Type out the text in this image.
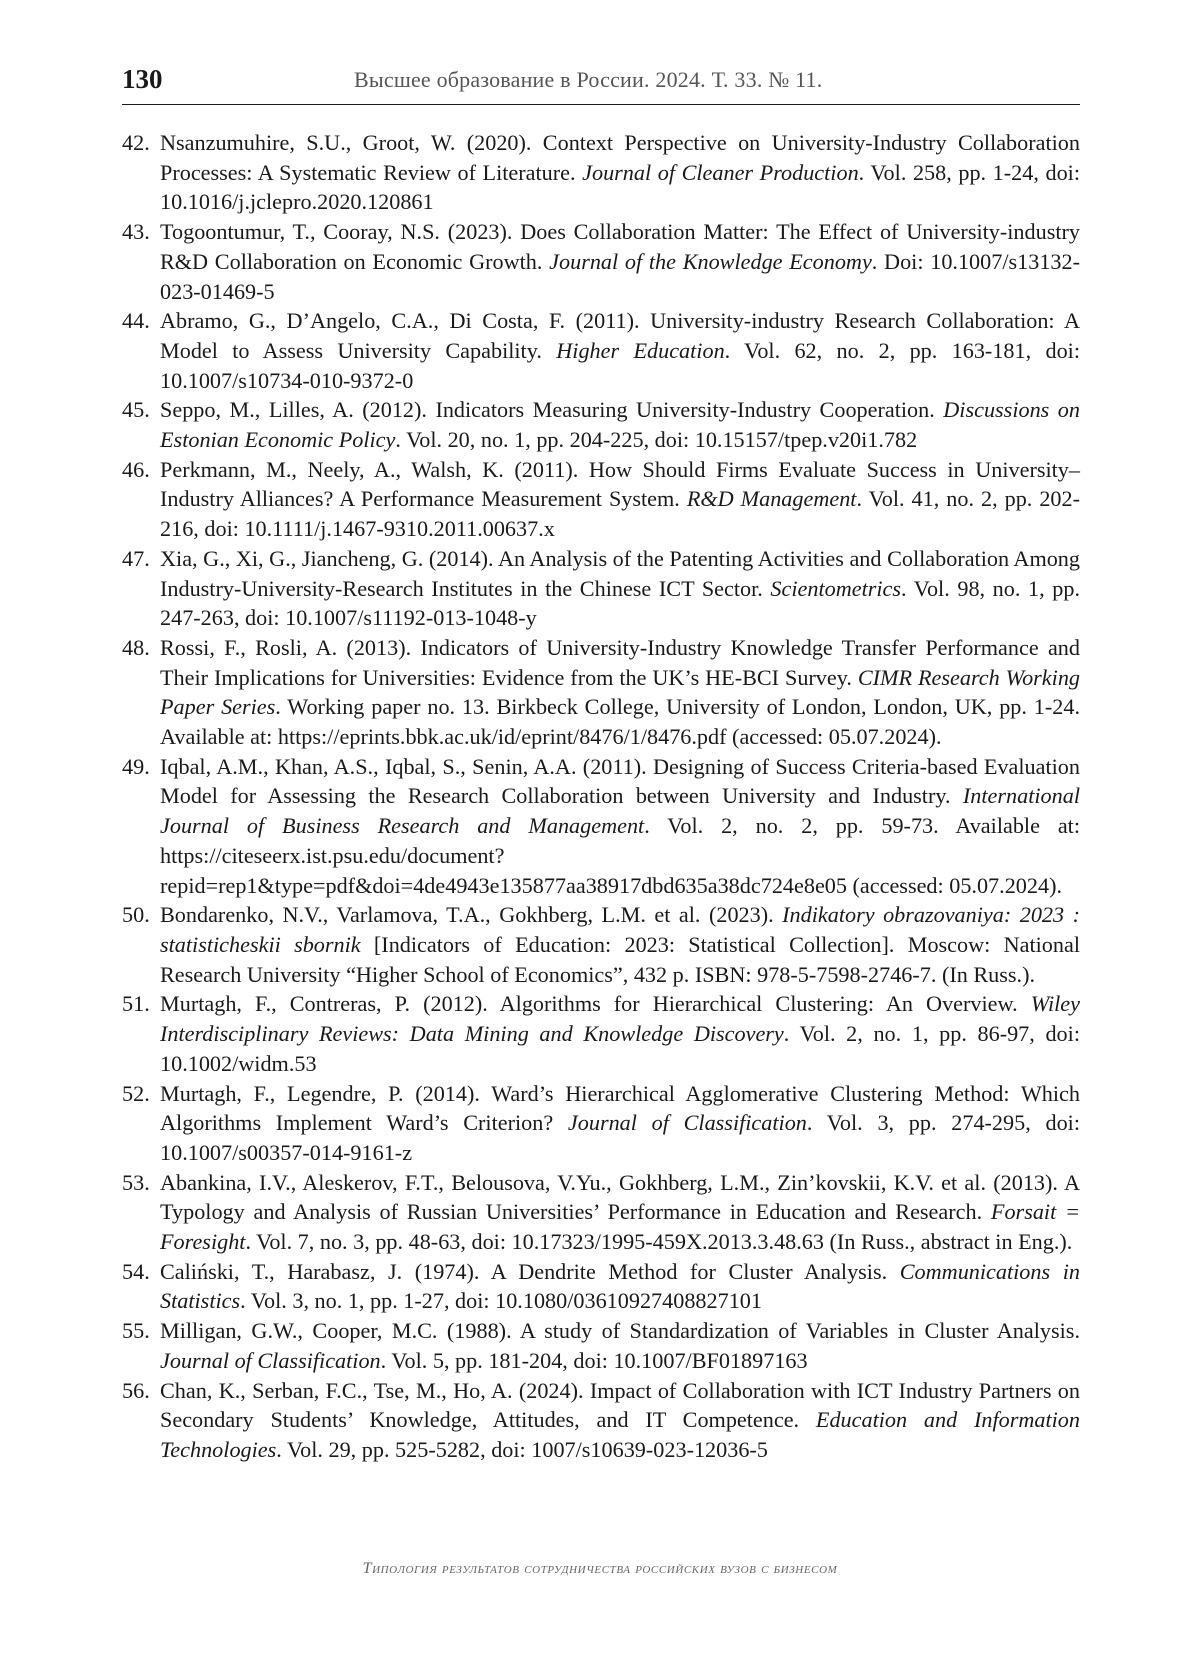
130	Высшее образование в России. 2024. Т. 33. № 11.
42. Nsanzumuhire, S.U., Groot, W. (2020). Context Perspective on University-Industry Collaboration Processes: A Systematic Review of Literature. Journal of Cleaner Production. Vol. 258, pp. 1-24, doi: 10.1016/j.jclepro.2020.120861
43. Togoontumur, T., Cooray, N.S. (2023). Does Collaboration Matter: The Effect of University-industry R&D Collaboration on Economic Growth. Journal of the Knowledge Economy. Doi: 10.1007/s13132-023-01469-5
44. Abramo, G., D’Angelo, C.A., Di Costa, F. (2011). University-industry Research Collaboration: A Model to Assess University Capability. Higher Education. Vol. 62, no. 2, pp. 163-181, doi: 10.1007/s10734-010-9372-0
45. Seppo, M., Lilles, A. (2012). Indicators Measuring University-Industry Cooperation. Discussions on Estonian Economic Policy. Vol. 20, no. 1, pp. 204-225, doi: 10.15157/tpep.v20i1.782
46. Perkmann, M., Neely, A., Walsh, K. (2011). How Should Firms Evaluate Success in University–Industry Alliances? A Performance Measurement System. R&D Management. Vol. 41, no. 2, pp. 202-216, doi: 10.1111/j.1467-9310.2011.00637.x
47. Xia, G., Xi, G., Jiancheng, G. (2014). An Analysis of the Patenting Activities and Collaboration Among Industry-University-Research Institutes in the Chinese ICT Sector. Scientometrics. Vol. 98, no. 1, pp. 247-263, doi: 10.1007/s11192-013-1048-y
48. Rossi, F., Rosli, A. (2013). Indicators of University-Industry Knowledge Transfer Performance and Their Implications for Universities: Evidence from the UK’s HE-BCI Survey. CIMR Research Working Paper Series. Working paper no. 13. Birkbeck College, University of London, London, UK, pp. 1-24. Available at: https://eprints.bbk.ac.uk/id/eprint/8476/1/8476.pdf (accessed: 05.07.2024).
49. Iqbal, A.M., Khan, A.S., Iqbal, S., Senin, A.A. (2011). Designing of Success Criteria-based Evaluation Model for Assessing the Research Collaboration between University and Industry. International Journal of Business Research and Management. Vol. 2, no. 2, pp. 59-73. Available at: https://citeseerx.ist.psu.edu/document?repid=rep1&type=pdf&doi=4de4943e135877aa38917dbd635a38dc724e8e05 (accessed: 05.07.2024).
50. Bondarenko, N.V., Varlamova, T.A., Gokhberg, L.M. et al. (2023). Indikatory obrazovaniya: 2023 : statisticheskii sbornik [Indicators of Education: 2023: Statistical Collection]. Moscow: National Research University “Higher School of Economics”, 432 p. ISBN: 978-5-7598-2746-7. (In Russ.).
51. Murtagh, F., Contreras, P. (2012). Algorithms for Hierarchical Clustering: An Overview. Wiley Interdisciplinary Reviews: Data Mining and Knowledge Discovery. Vol. 2, no. 1, pp. 86-97, doi: 10.1002/widm.53
52. Murtagh, F., Legendre, P. (2014). Ward’s Hierarchical Agglomerative Clustering Method: Which Algorithms Implement Ward’s Criterion? Journal of Classification. Vol. 3, pp. 274-295, doi: 10.1007/s00357-014-9161-z
53. Abankina, I.V., Aleskerov, F.T., Belousova, V.Yu., Gokhberg, L.M., Zin’kovskii, K.V. et al. (2013). A Typology and Analysis of Russian Universities’ Performance in Education and Research. Forsait = Foresight. Vol. 7, no. 3, pp. 48-63, doi: 10.17323/1995-459X.2013.3.48.63 (In Russ., abstract in Eng.).
54. Caliński, T., Harabasz, J. (1974). A Dendrite Method for Cluster Analysis. Communications in Statistics. Vol. 3, no. 1, pp. 1-27, doi: 10.1080/03610927408827101
55. Milligan, G.W., Cooper, M.C. (1988). A study of Standardization of Variables in Cluster Analysis. Journal of Classification. Vol. 5, pp. 181-204, doi: 10.1007/BF01897163
56. Chan, K., Serban, F.C., Tse, M., Ho, A. (2024). Impact of Collaboration with ICT Industry Partners on Secondary Students’ Knowledge, Attitudes, and IT Competence. Education and Information Technologies. Vol. 29, pp. 525-5282, doi: 1007/s10639-023-12036-5
Типология результатов сотрудничества российских вузов с бизнесом
